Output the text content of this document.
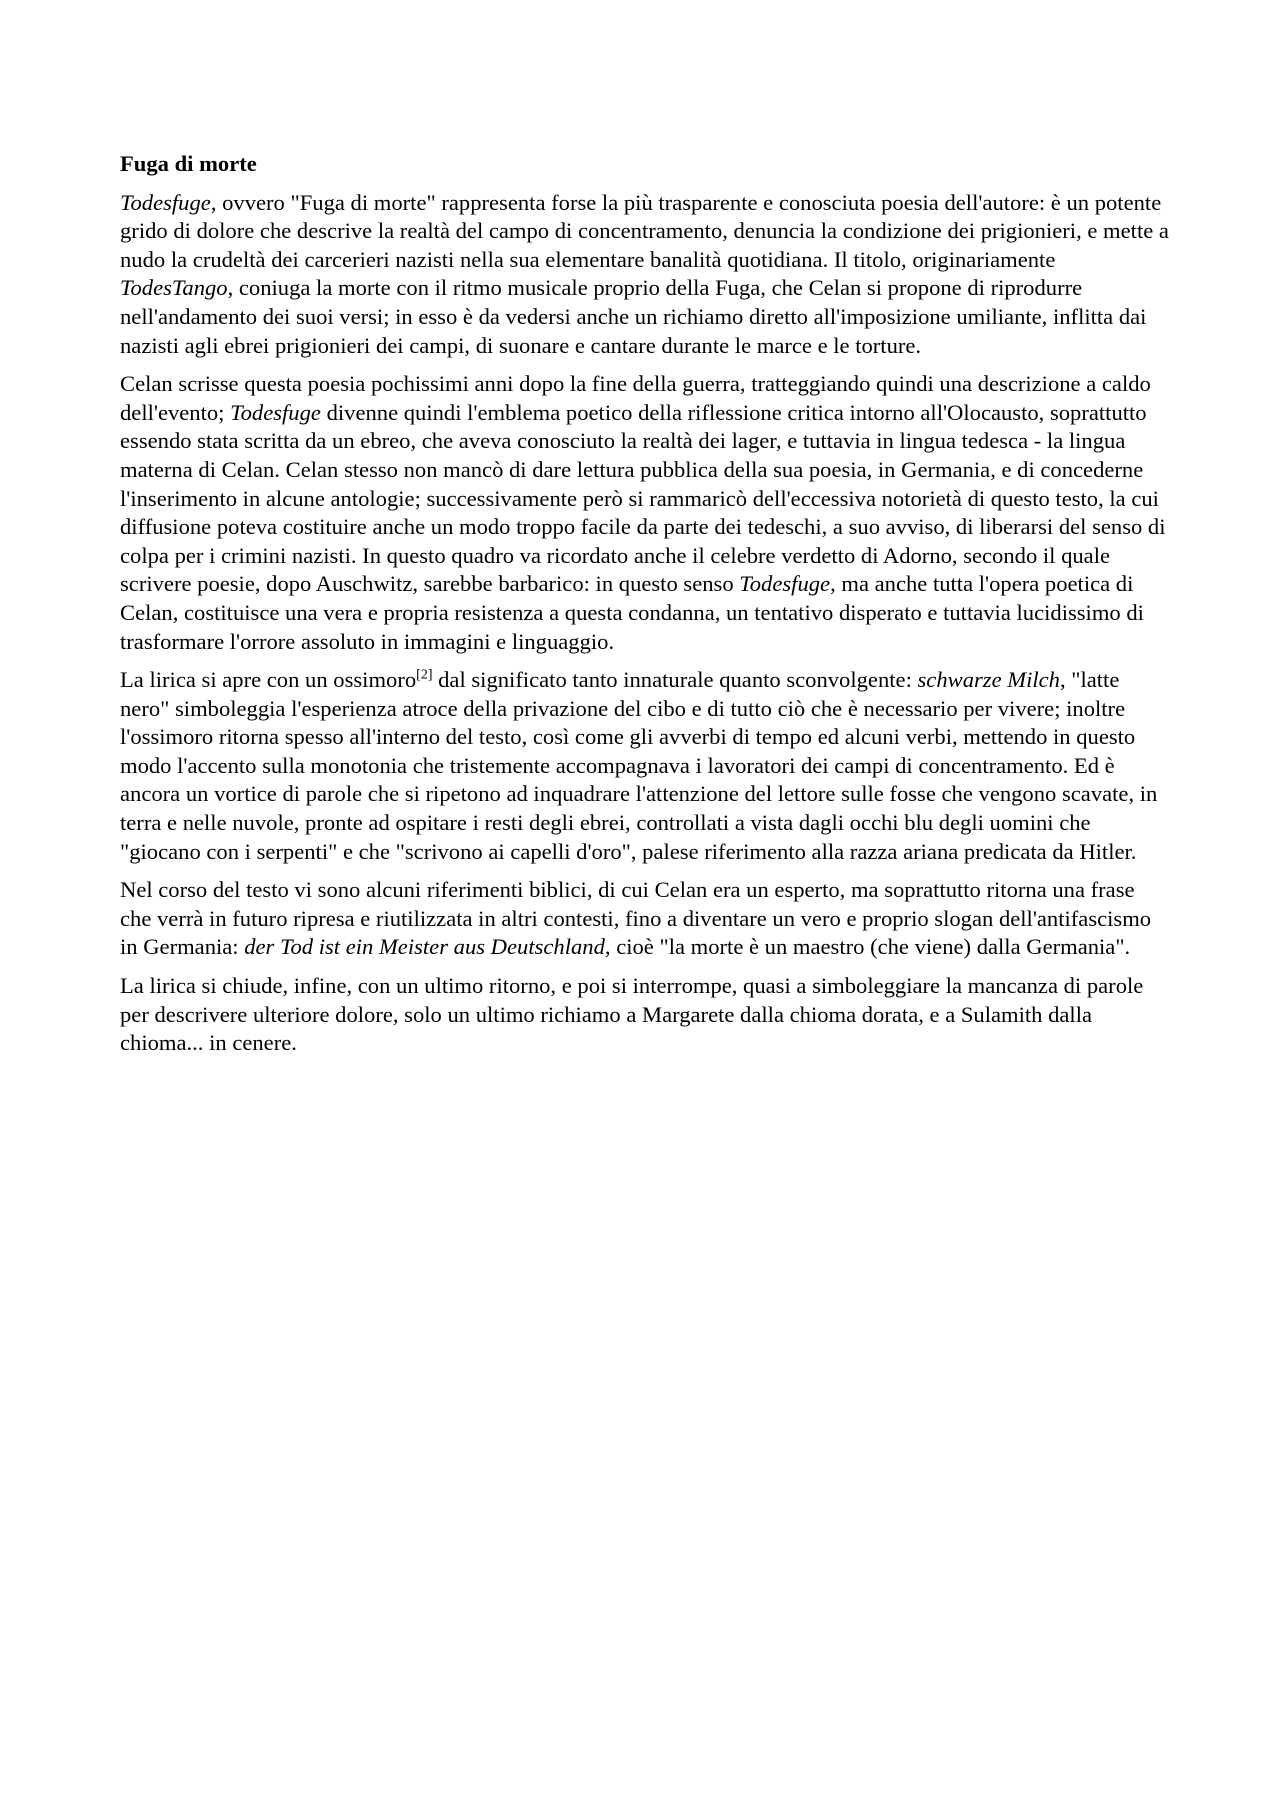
Fuga di morte

Todesfuge, ovvero "Fuga di morte" rappresenta forse la più trasparente e conosciuta poesia dell'autore: è un potente grido di dolore che descrive la realtà del campo di concentramento, denuncia la condizione dei prigionieri, e mette a nudo la crudeltà dei carcerieri nazisti nella sua elementare banalità quotidiana. Il titolo, originariamente TodesTango, coniuga la morte con il ritmo musicale proprio della Fuga, che Celan si propone di riprodurre nell'andamento dei suoi versi; in esso è da vedersi anche un richiamo diretto all'imposizione umiliante, inflitta dai nazisti agli ebrei prigionieri dei campi, di suonare e cantare durante le marce e le torture.

Celan scrisse questa poesia pochissimi anni dopo la fine della guerra, tratteggiando quindi una descrizione a caldo dell'evento; Todesfuge divenne quindi l'emblema poetico della riflessione critica intorno all'Olocausto, soprattutto essendo stata scritta da un ebreo, che aveva conosciuto la realtà dei lager, e tuttavia in lingua tedesca - la lingua materna di Celan. Celan stesso non mancò di dare lettura pubblica della sua poesia, in Germania, e di concederne l'inserimento in alcune antologie; successivamente però si rammaricò dell'eccessiva notorietà di questo testo, la cui diffusione poteva costituire anche un modo troppo facile da parte dei tedeschi, a suo avviso, di liberarsi del senso di colpa per i crimini nazisti. In questo quadro va ricordato anche il celebre verdetto di Adorno, secondo il quale scrivere poesie, dopo Auschwitz, sarebbe barbarico: in questo senso Todesfuge, ma anche tutta l'opera poetica di Celan, costituisce una vera e propria resistenza a questa condanna, un tentativo disperato e tuttavia lucidissimo di trasformare l'orrore assoluto in immagini e linguaggio.

La lirica si apre con un ossimoro[2] dal significato tanto innaturale quanto sconvolgente: schwarze Milch, "latte nero" simboleggia l'esperienza atroce della privazione del cibo e di tutto ciò che è necessario per vivere; inoltre l'ossimoro ritorna spesso all'interno del testo, così come gli avverbi di tempo ed alcuni verbi, mettendo in questo modo l'accento sulla monotonia che tristemente accompagnava i lavoratori dei campi di concentramento. Ed è ancora un vortice di parole che si ripetono ad inquadrare l'attenzione del lettore sulle fosse che vengono scavate, in terra e nelle nuvole, pronte ad ospitare i resti degli ebrei, controllati a vista dagli occhi blu degli uomini che "giocano con i serpenti" e che "scrivono ai capelli d'oro", palese riferimento alla razza ariana predicata da Hitler.

Nel corso del testo vi sono alcuni riferimenti biblici, di cui Celan era un esperto, ma soprattutto ritorna una frase che verrà in futuro ripresa e riutilizzata in altri contesti, fino a diventare un vero e proprio slogan dell'antifascismo in Germania: der Tod ist ein Meister aus Deutschland, cioè "la morte è un maestro (che viene) dalla Germania".

La lirica si chiude, infine, con un ultimo ritorno, e poi si interrompe, quasi a simboleggiare la mancanza di parole per descrivere ulteriore dolore, solo un ultimo richiamo a Margarete dalla chioma dorata, e a Sulamith dalla chioma... in cenere.
